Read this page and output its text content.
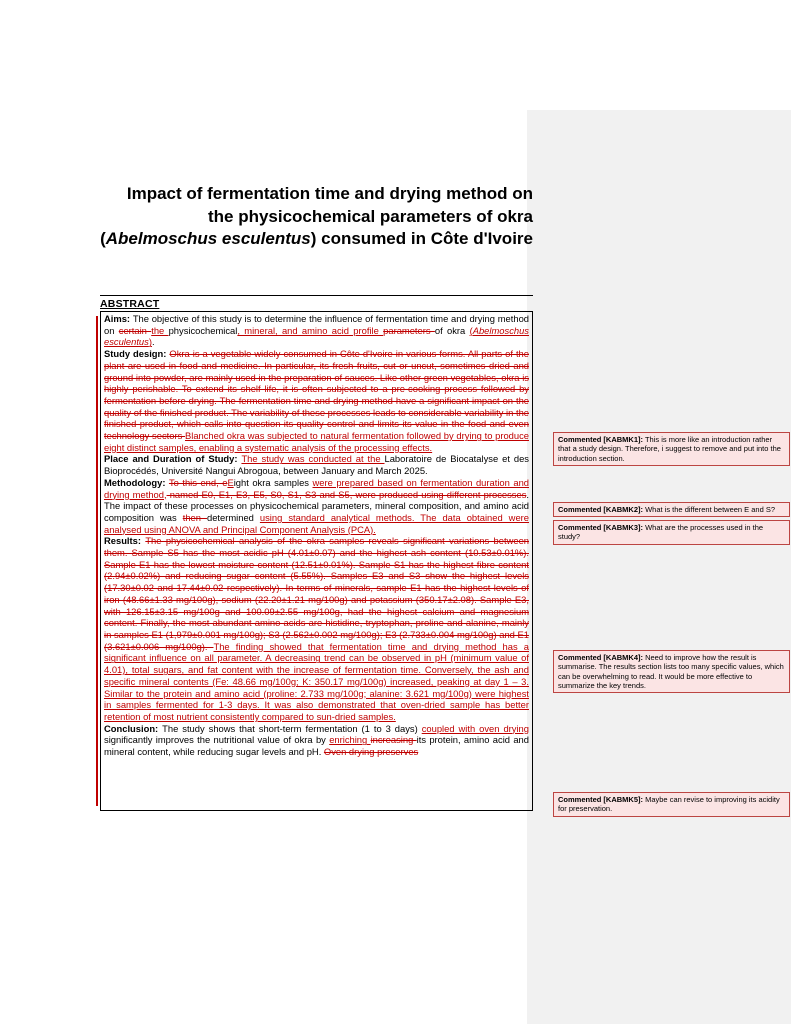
Impact of fermentation time and drying method on the physicochemical parameters of okra (Abelmoschus esculentus) consumed in Côte d'Ivoire
ABSTRACT

Aims: The objective of this study is to determine the influence of fermentation time and drying method on certain the physicochemical, mineral, and amino acid profile parameters of okra (Abelmoschus esculentus).

Study design: Okra is a vegetable widely consumed in Côte d'Ivoire in various forms. All parts of the plant are used in food and medicine. In particular, its fresh fruits, cut or uncut, sometimes dried and ground into powder, are mainly used in the preparation of sauces. Like other green vegetables, okra is highly perishable. To extend its shelf life, it is often subjected to a pre-cooking process followed by fermentation before drying. The fermentation time and drying method have a significant impact on the quality of the finished product. The variability of these processes leads to considerable variability in the finished product, which calls into question its quality control and limits its value in the food and even technology sectors Blanched okra was subjected to natural fermentation followed by drying to produce eight distinct samples, enabling a systematic analysis of the processing effects.

Place and Duration of Study: The study was conducted at the Laboratoire de Biocatalyse et des Bioprocédés, Université Nangui Abrogoua, between January and March 2025.

Methodology: To this end, eEight okra samples were prepared based on fermentation duration and drying method, named E0, E1, E3, E5, S0, S1, S3 and S5, were produced using different processes. The impact of these processes on physicochemical parameters, mineral composition, and amino acid composition was then determined using standard analytical methods. The data obtained were analysed using ANOVA and Principal Component Analysis (PCA).

Results: The physicochemical analysis of the okra samples reveals significant variations between them. Sample S5 has the most acidic pH (4.01±0.07) and the highest ash content (10.53±0.01%). Sample E1 has the lowest moisture content (12.51±0.01%). Sample S1 has the highest fibre content (2.94±0.02%) and reducing sugar content (5.55%). Samples E3 and S3 show the highest levels (17.30±0.02 and 17.44±0.02 respectively). In terms of minerals, sample E1 has the highest levels of iron (48.66±1.33 mg/100g), sodium (22.20±1.21 mg/100g) and potassium (350.17±2.08). Sample E3, with 126.15±3.15 mg/100g and 100.09±2.55 mg/100g, had the highest calcium and magnesium content. Finally, the most abundant amino acids are histidine, tryptophan, proline and alanine, mainly in samples E1 (1,979±0.001 mg/100g); S3 (2.562±0.002 mg/100g); E3 (2.733±0.004 mg/100g) and E1 (3.621±0.006 mg/100g). The finding showed that fermentation time and drying method has a significant influence on all parameter. A decreasing trend can be observed in pH (minimum value of 4.01), total sugars, and fat content with the increase of fermentation time. Conversely, the ash and specific mineral contents (Fe: 48.66 mg/100g; K: 350.17 mg/100g) increased, peaking at day 1 – 3. Similar to the protein and amino acid (proline: 2.733 mg/100g; alanine: 3.621 mg/100g) were highest in samples fermented for 1-3 days. It was also demonstrated that oven-dried sample has better retention of most nutrient consistently compared to sun-dried samples.

Conclusion: The study shows that short-term fermentation (1 to 3 days) coupled with oven drying significantly improves the nutritional value of okra by enriching increasing its protein, amino acid and mineral content, while reducing sugar levels and pH. Oven drying preserves

Commented [KABMK1]: This is more like an introduction rather that a study design. Therefore, i suggest to remove and put into the introduction section.
Commented [KABMK2]: What is the different between E and S?
Commented [KABMK3]: What are the processes used in the study?
Commented [KABMK4]: Need to improve how the result is summarise. The results section lists too many specific values, which can be overwhelming to read. It would be more effective to summarize the key trends.
Commented [KABMK5]: Maybe can revise to improving its acidity for preservation.
